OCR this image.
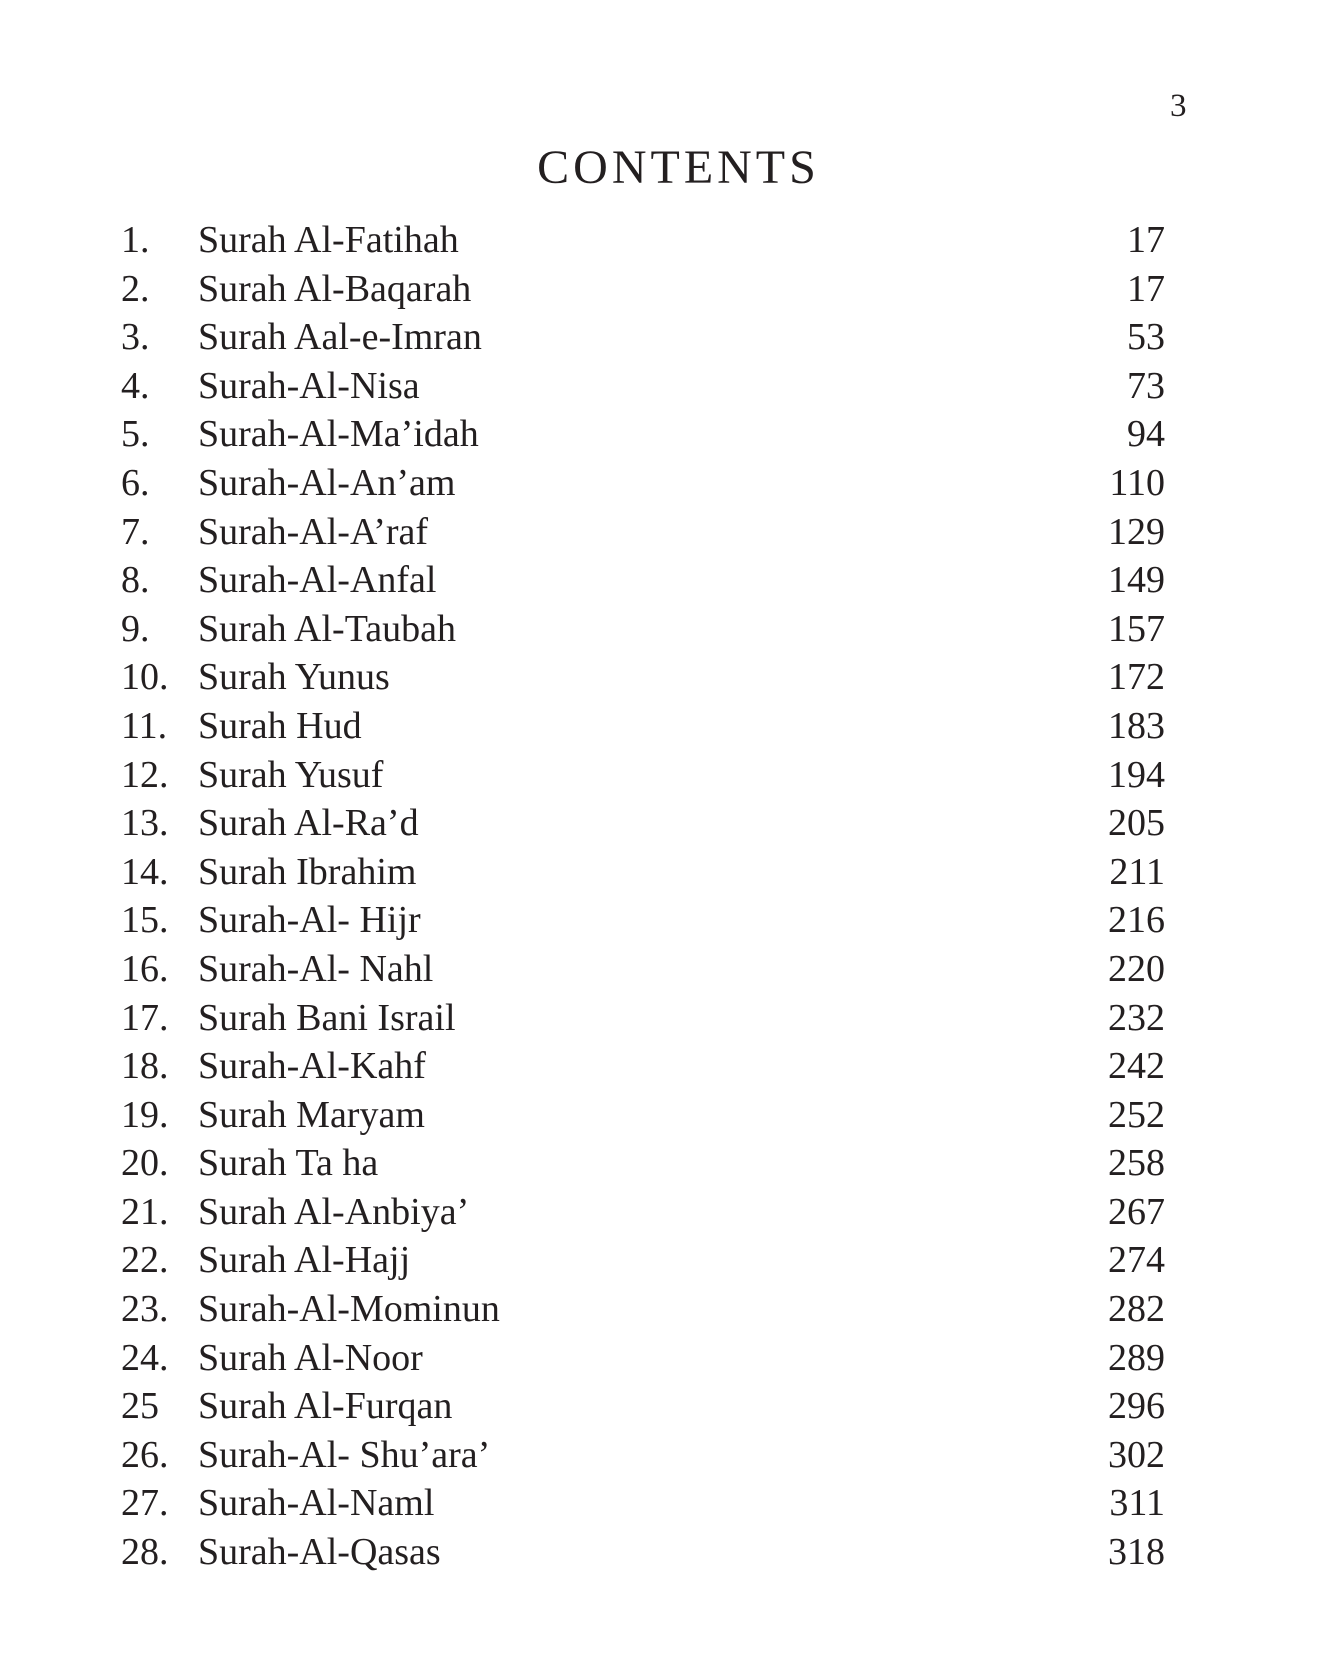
3
CONTENTS
1. Surah Al-Fatihah	17
2. Surah Al-Baqarah	17
3. Surah Aal-e-Imran	53
4. Surah-Al-Nisa	73
5. Surah-Al-Ma’idah	94
6. Surah-Al-An’am	110
7. Surah-Al-A’raf	129
8. Surah-Al-Anfal	149
9. Surah Al-Taubah	157
10. Surah Yunus	172
11. Surah Hud	183
12. Surah Yusuf	194
13. Surah Al-Ra’d	205
14. Surah Ibrahim	211
15. Surah-Al- Hijr	216
16. Surah-Al- Nahl	220
17. Surah Bani Israil	232
18. Surah-Al-Kahf	242
19. Surah Maryam	252
20. Surah Ta ha	258
21. Surah Al-Anbiya’	267
22. Surah Al-Hajj	274
23. Surah-Al-Mominun	282
24. Surah Al-Noor	289
25 Surah Al-Furqan	296
26. Surah-Al- Shu’ara’	302
27. Surah-Al-Naml	311
28. Surah-Al-Qasas	318
